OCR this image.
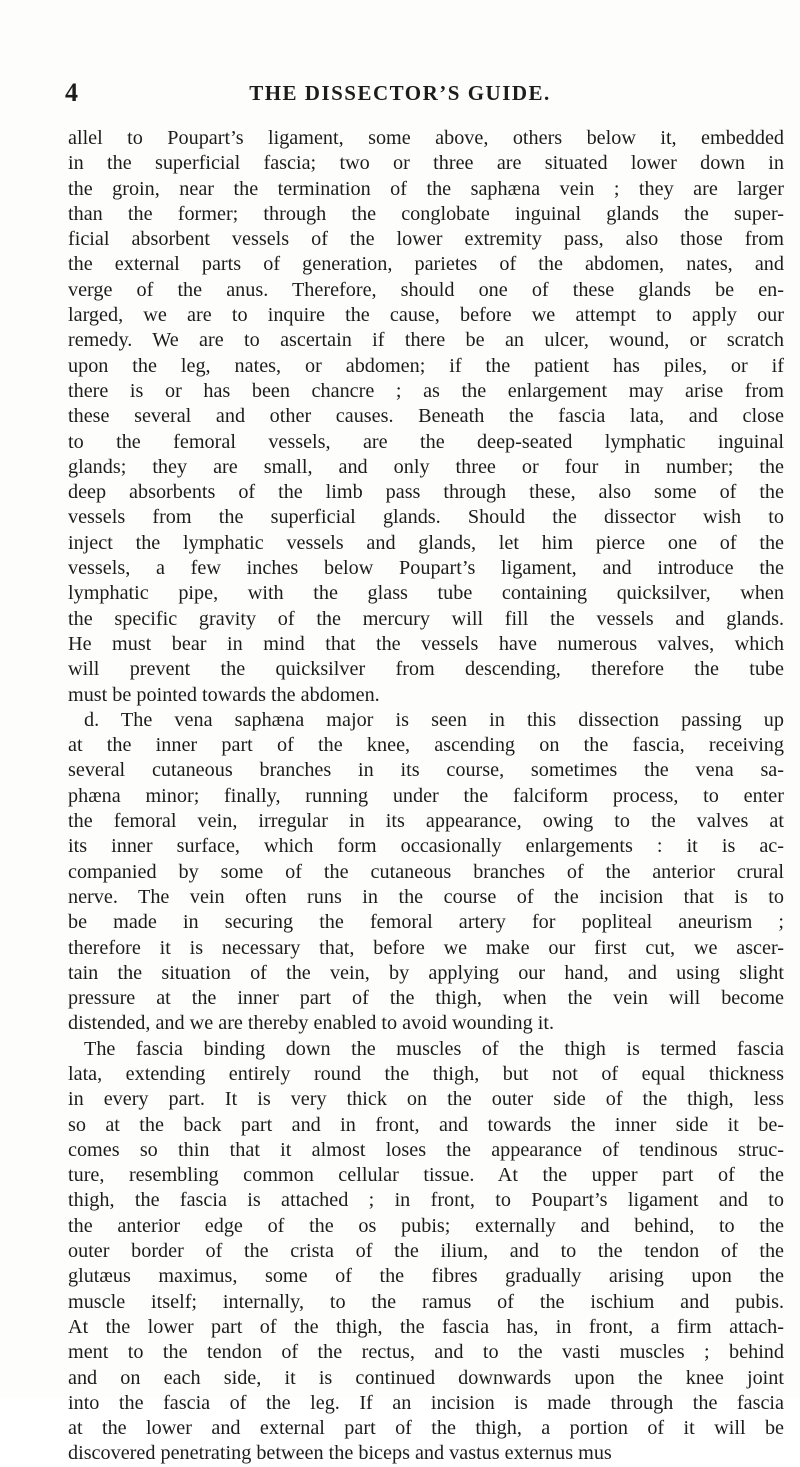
4	THE DISSECTOR’S GUIDE.
allel to Poupart’s ligament, some above, others below it, embedded
in the superficial fascia; two or three are situated lower down in
the groin, near the termination of the saphæna vein ; they are larger
than the former; through the conglobate inguinal glands the super-
ficial absorbent vessels of the lower extremity pass, also those from
the external parts of generation, parietes of the abdomen, nates, and
verge of the anus. Therefore, should one of these glands be en-
larged, we are to inquire the cause, before we attempt to apply our
remedy. We are to ascertain if there be an ulcer, wound, or scratch
upon the leg, nates, or abdomen; if the patient has piles, or if
there is or has been chancre ; as the enlargement may arise from
these several and other causes. Beneath the fascia lata, and close
to the femoral vessels, are the deep-seated lymphatic inguinal
glands; they are small, and only three or four in number; the
deep absorbents of the limb pass through these, also some of the
vessels from the superficial glands. Should the dissector wish to
inject the lymphatic vessels and glands, let him pierce one of the
vessels, a few inches below Poupart’s ligament, and introduce the
lymphatic pipe, with the glass tube containing quicksilver, when
the specific gravity of the mercury will fill the vessels and glands.
He must bear in mind that the vessels have numerous valves, which
will prevent the quicksilver from descending, therefore the tube
must be pointed towards the abdomen.
d. The vena saphæna major is seen in this dissection passing up
at the inner part of the knee, ascending on the fascia, receiving
several cutaneous branches in its course, sometimes the vena sa-
phæna minor; finally, running under the falciform process, to enter
the femoral vein, irregular in its appearance, owing to the valves at
its inner surface, which form occasionally enlargements : it is ac-
companied by some of the cutaneous branches of the anterior crural
nerve. The vein often runs in the course of the incision that is to
be made in securing the femoral artery for popliteal aneurism ;
therefore it is necessary that, before we make our first cut, we ascer-
tain the situation of the vein, by applying our hand, and using slight
pressure at the inner part of the thigh, when the vein will become
distended, and we are thereby enabled to avoid wounding it.
The fascia binding down the muscles of the thigh is termed fascia
lata, extending entirely round the thigh, but not of equal thickness
in every part. It is very thick on the outer side of the thigh, less
so at the back part and in front, and towards the inner side it be-
comes so thin that it almost loses the appearance of tendinous struc-
ture, resembling common cellular tissue. At the upper part of the
thigh, the fascia is attached ; in front, to Poupart’s ligament and to
the anterior edge of the os pubis; externally and behind, to the
outer border of the crista of the ilium, and to the tendon of the
glutæus maximus, some of the fibres gradually arising upon the
muscle itself; internally, to the ramus of the ischium and pubis.
At the lower part of the thigh, the fascia has, in front, a firm attach-
ment to the tendon of the rectus, and to the vasti muscles ; behind
and on each side, it is continued downwards upon the knee joint
into the fascia of the leg. If an incision is made through the fascia
at the lower and external part of the thigh, a portion of it will be
discovered penetrating between the biceps and vastus externus mus
